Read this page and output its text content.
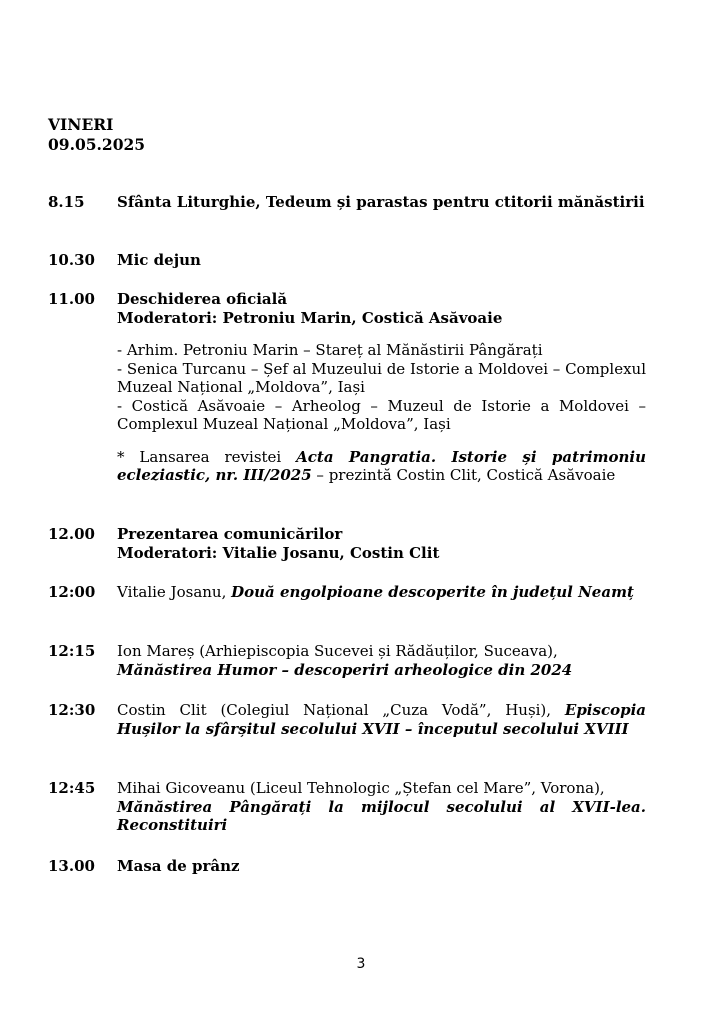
VINERI
09.05.2025
8.15	Sfânta Liturghie, Tedeum și parastas pentru ctitorii mănăstirii
10.30	Mic dejun
11.00	Deschiderea oficială
Moderatori: Petroniu Marin, Costică Asăvoaie
- Arhim. Petroniu Marin – Stareț al Mănăstirii Pângărați
- Senica Turcanu – Șef al Muzeului de Istorie a Moldovei – Complexul Muzeal Național „Moldova”, Iași
- Costică Asăvoaie – Arheolog – Muzeul de Istorie a Moldovei – Complexul Muzeal Național „Moldova”, Iași
* Lansarea revistei Acta Pangratia. Istorie și patrimoniu ecleziastic, nr. III/2025 – prezintă Costin Clit, Costică Asăvoaie
12.00	Prezentarea comunicărilor
Moderatori: Vitalie Josanu, Costin Clit
12:00	Vitalie Josanu, Două engolpioane descoperite în județul Neamț
12:15	Ion Mareș (Arhiepiscopia Sucevei și Rădăuților, Suceava),
Mănăstirea Humor – descoperiri arheologice din 2024
12:30	Costin Clit (Colegiul Național „Cuza Vodă”, Huși), Episcopia Hușilor la sfârșitul secolului XVII – începutul secolului XVIII
12:45	Mihai Gicoveanu (Liceul Tehnologic „Ștefan cel Mare”, Vorona),
Mănăstirea Pângărați la mijlocul secolului al XVII-lea. Reconstituiri
13.00	Masa de prânz
3
